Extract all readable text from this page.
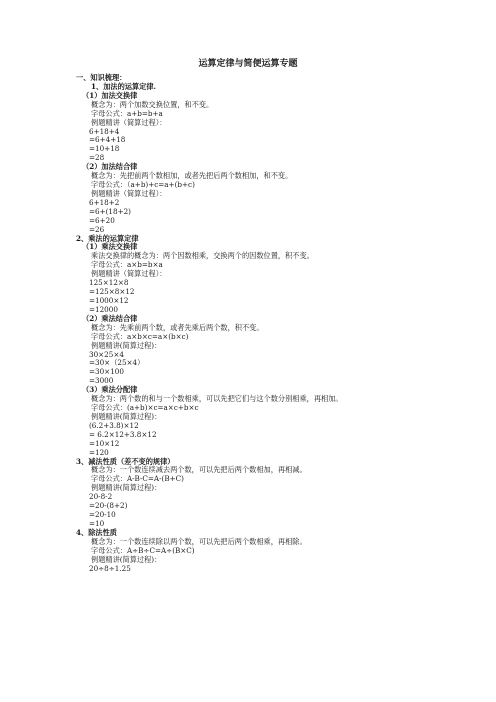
运算定律与简便运算专题
一、知识梳理：
1、加法的运算定律.
（1）加法交换律
概念为：两个加数交换位置，和不变。
字母公式：a+b=b+a
例题精讲（简算过程）：
6+18+4
=6+4+18
=10+18
=28
（2）加法结合律
概念为：先把前两个数相加，或者先把后两个数相加，和不变。
字母公式：（a+b)+c=a+(b+c)
例题精讲（简算过程）：
6+18+2
=6+(18+2)
=6+20
=26
2、乘法的运算定律
（1）乘法交换律
乘法交换律的概念为：两个因数相乘，交换两个的因数位置，积不变。
字母公式：a×b=b×a
例题精讲（简算过程）：
125×12×8
=125×8×12
=1000×12
=12000
（2）乘法结合律
概念为：先乘前两个数，或者先乘后两个数，积不变。
字母公式：a×b×c=a×(b×c)
例题精讲(简算过程)：
30×25×4
=30×（25×4）
=30×100
=3000
（3）乘法分配律
概念为：两个数的和与一个数相乘，可以先把它们与这个数分别相乘，再相加。
字母公式：(a+b)×c=a×c+b×c
例题精讲(简算过程)：
(6.2+3.8)×12
= 6.2×12+3.8×12
=10×12
=120
3、减法性质（差不变的规律）
概念为：一个数连续减去两个数，可以先把后两个数相加，再相减。
字母公式：A-B-C=A-(B+C)
例题精讲(简算过程)：
20-8-2
=20-(8+2)
=20-10
=10
4、除法性质
概念为：一个数连续除以两个数，可以先把后两个数相乘，再相除。
字母公式：A÷B÷C=A÷(B×C)
例题精讲(简算过程)：
20÷8÷1.25
